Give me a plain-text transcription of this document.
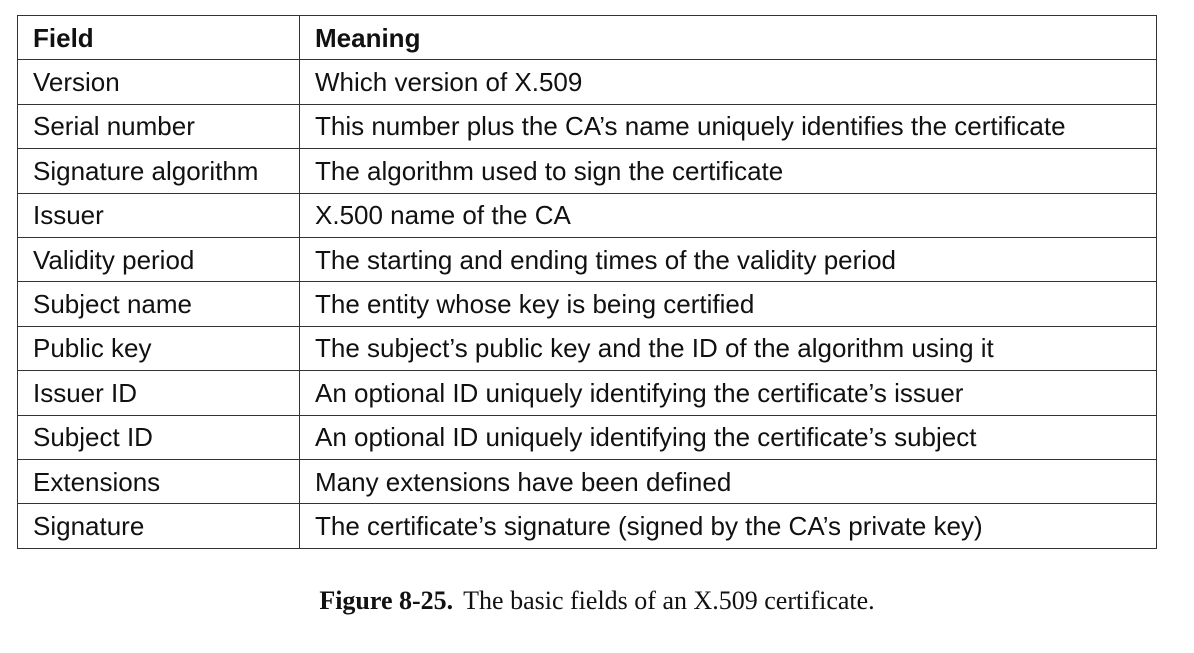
Field	Meaning
Version	Which version of X.509
Serial number	This number plus the CA’s name uniquely identifies the certificate
Signature algorithm	The algorithm used to sign the certificate
Issuer	X.500 name of the CA
Validity period	The starting and ending times of the validity period
Subject name	The entity whose key is being certified
Public key	The subject’s public key and the ID of the algorithm using it
Issuer ID	An optional ID uniquely identifying the certificate’s issuer
Subject ID	An optional ID uniquely identifying the certificate’s subject
Extensions	Many extensions have been defined
Signature	The certificate’s signature (signed by the CA’s private key)
Figure 8-25. The basic fields of an X.509 certificate.
